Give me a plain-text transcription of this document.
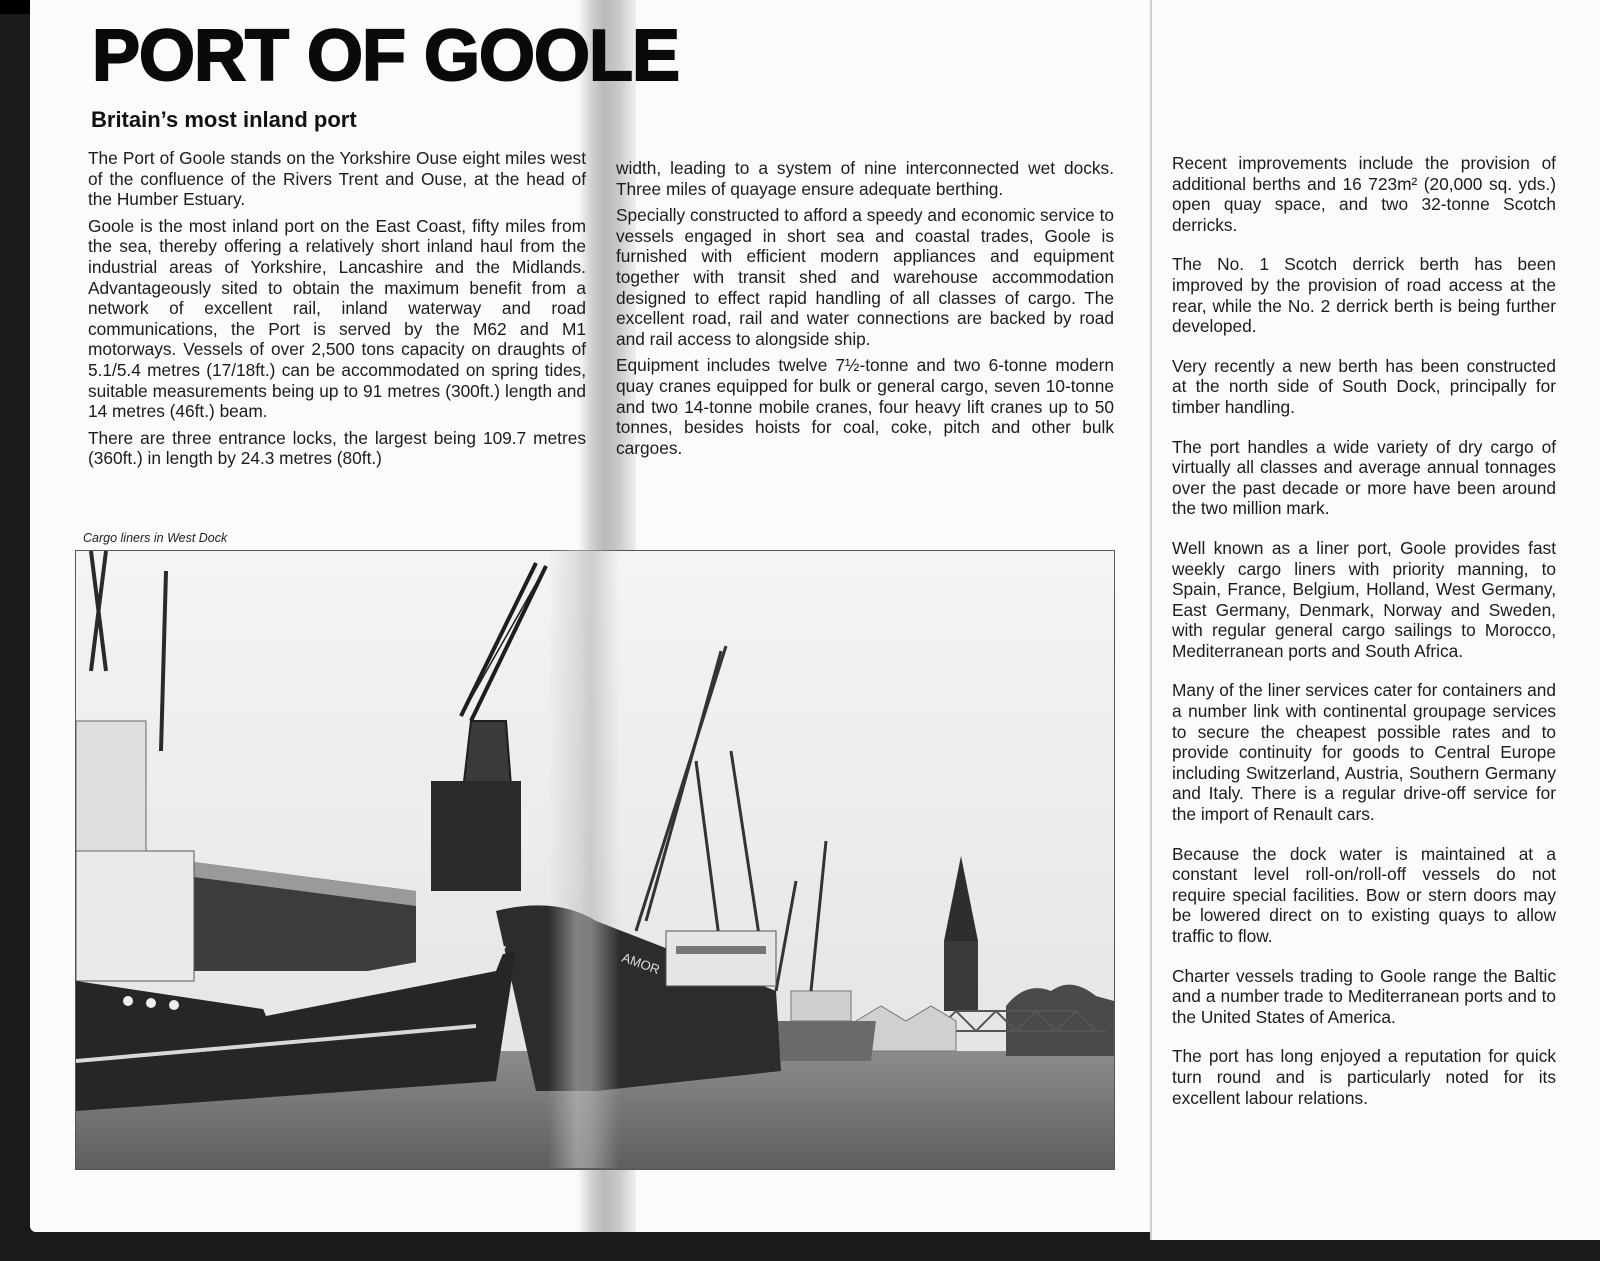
PORT OF GOOLE
Britain’s most inland port

The Port of Goole stands on the Yorkshire Ouse eight miles west of the confluence of the Rivers Trent and Ouse, at the head of the Humber Estuary.

Goole is the most inland port on the East Coast, fifty miles from the sea, thereby offering a relatively short inland haul from the industrial areas of Yorkshire, Lancashire and the Midlands. Advantageously sited to obtain the maximum benefit from a network of excellent rail, inland waterway and road communications, the Port is served by the M62 and M1 motorways. Vessels of over 2,500 tons capacity on draughts of 5.1/5.4 metres (17/18ft.) can be accommodated on spring tides, suitable measurements being up to 91 metres (300ft.) length and 14 metres (46ft.) beam.

There are three entrance locks, the largest being 109.7 metres (360ft.) in length by 24.3 metres (80ft.)

width, leading to a system of nine interconnected wet docks. Three miles of quayage ensure adequate berthing.

Specially constructed to afford a speedy and economic service to vessels engaged in short sea and coastal trades, Goole is furnished with efficient modern appliances and equipment together with transit shed and warehouse accommodation designed to effect rapid handling of all classes of cargo. The excellent road, rail and water connections are backed by road and rail access to alongside ship.

Equipment includes twelve 7½-tonne and two 6-tonne modern quay cranes equipped for bulk or general cargo, seven 10-tonne and two 14-tonne mobile cranes, four heavy lift cranes up to 50 tonnes, besides hoists for coal, coke, pitch and other bulk cargoes.

Recent improvements include the provision of additional berths and 16 723m² (20,000 sq. yds.) open quay space, and two 32-tonne Scotch derricks.

The No. 1 Scotch derrick berth has been improved by the provision of road access at the rear, while the No. 2 derrick berth is being further developed.

Very recently a new berth has been constructed at the north side of South Dock, principally for timber handling.

The port handles a wide variety of dry cargo of virtually all classes and average annual tonnages over the past decade or more have been around the two million mark.

Well known as a liner port, Goole provides fast weekly cargo liners with priority manning, to Spain, France, Belgium, Holland, West Germany, East Germany, Denmark, Norway and Sweden, with regular general cargo sailings to Morocco, Mediterranean ports and South Africa.

Many of the liner services cater for containers and a number link with continental groupage services to secure the cheapest possible rates and to provide continuity for goods to Central Europe including Switzerland, Austria, Southern Germany and Italy. There is a regular drive-off service for the import of Renault cars.

Because the dock water is maintained at a constant level roll-on/roll-off vessels do not require special facilities. Bow or stern doors may be lowered direct on to existing quays to allow traffic to flow.

Charter vessels trading to Goole range the Baltic and a number trade to Mediterranean ports and to the United States of America.

The port has long enjoyed a reputation for quick turn round and is particularly noted for its excellent labour relations.

Cargo liners in West Dock
AMOR
